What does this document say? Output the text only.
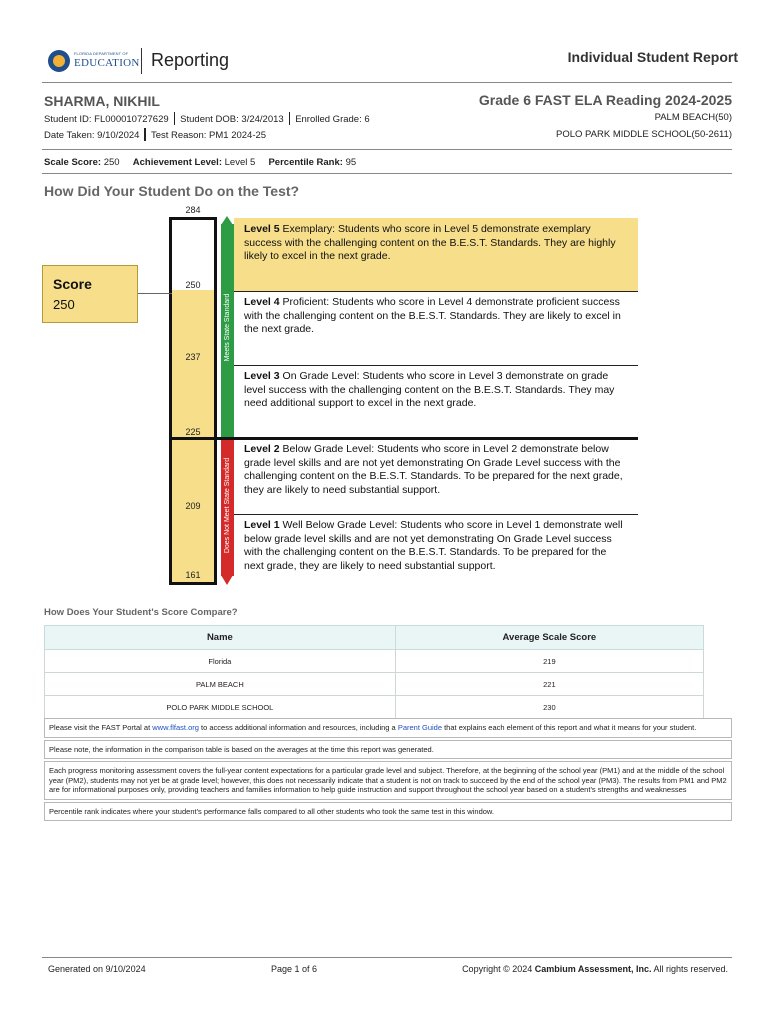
FLORIDA DEPARTMENT OF
EDUCATION Reporting	Individual Student Report
SHARMA, NIKHIL	Grade 6 FAST ELA Reading 2024-2025
Student ID: FL000010727629 Student DOB: 3/24/2013 Enrolled Grade: 6	PALM BEACH(50)
Date Taken: 9/10/2024 Test Reason: PM1 2024-25	POLO PARK MIDDLE SCHOOL(50-2611)
Scale Score: 250 Achievement Level: Level 5 Percentile Rank: 95
How Did Your Student Do on the Test?
284
250
237
225
209
161
Score
250	Meets State Standard
Does Not Meet State Standard
Level 5 Exemplary: Students who score in Level 5 demonstrate exemplary success with the challenging content on the B.E.S.T. Standards. They are highly likely to excel in the next grade.
Level 4 Proficient: Students who score in Level 4 demonstrate proficient success with the challenging content on the B.E.S.T. Standards. They are likely to excel in the next grade.
Level 3 On Grade Level: Students who score in Level 3 demonstrate on grade level success with the challenging content on the B.E.S.T. Standards. They may need additional support to excel in the next grade.
Level 2 Below Grade Level: Students who score in Level 2 demonstrate below grade level skills and are not yet demonstrating On Grade Level success with the challenging content on the B.E.S.T. Standards. To be prepared for the next grade, they are likely to need substantial support.
Level 1 Well Below Grade Level: Students who score in Level 1 demonstrate well below grade level skills and are not yet demonstrating On Grade Level success with the challenging content on the B.E.S.T. Standards. To be prepared for the next grade, they are likely to need substantial support.
How Does Your Student's Score Compare?
Name	Average Scale Score
Florida	219
PALM BEACH	221
POLO PARK MIDDLE SCHOOL	230
Please visit the FAST Portal at www.flfast.org to access additional information and resources, including a Parent Guide that explains each element of this report and what it means for your student.
Please note, the information in the comparison table is based on the averages at the time this report was generated.
Each progress monitoring assessment covers the full-year content expectations for a particular grade level and subject. Therefore, at the beginning of the school year (PM1) and at the middle of the school year (PM2), students may not yet be at grade level; however, this does not necessarily indicate that a student is not on track to succeed by the end of the school year (PM3). The results from PM1 and PM2 are for informational purposes only, providing teachers and families information to help guide instruction and support throughout the school year based on a student's strengths and weaknesses
Percentile rank indicates where your student's performance falls compared to all other students who took the same test in this window.
Generated on 9/10/2024	Page 1 of 6	Copyright © 2024 Cambium Assessment, Inc. All rights reserved.
